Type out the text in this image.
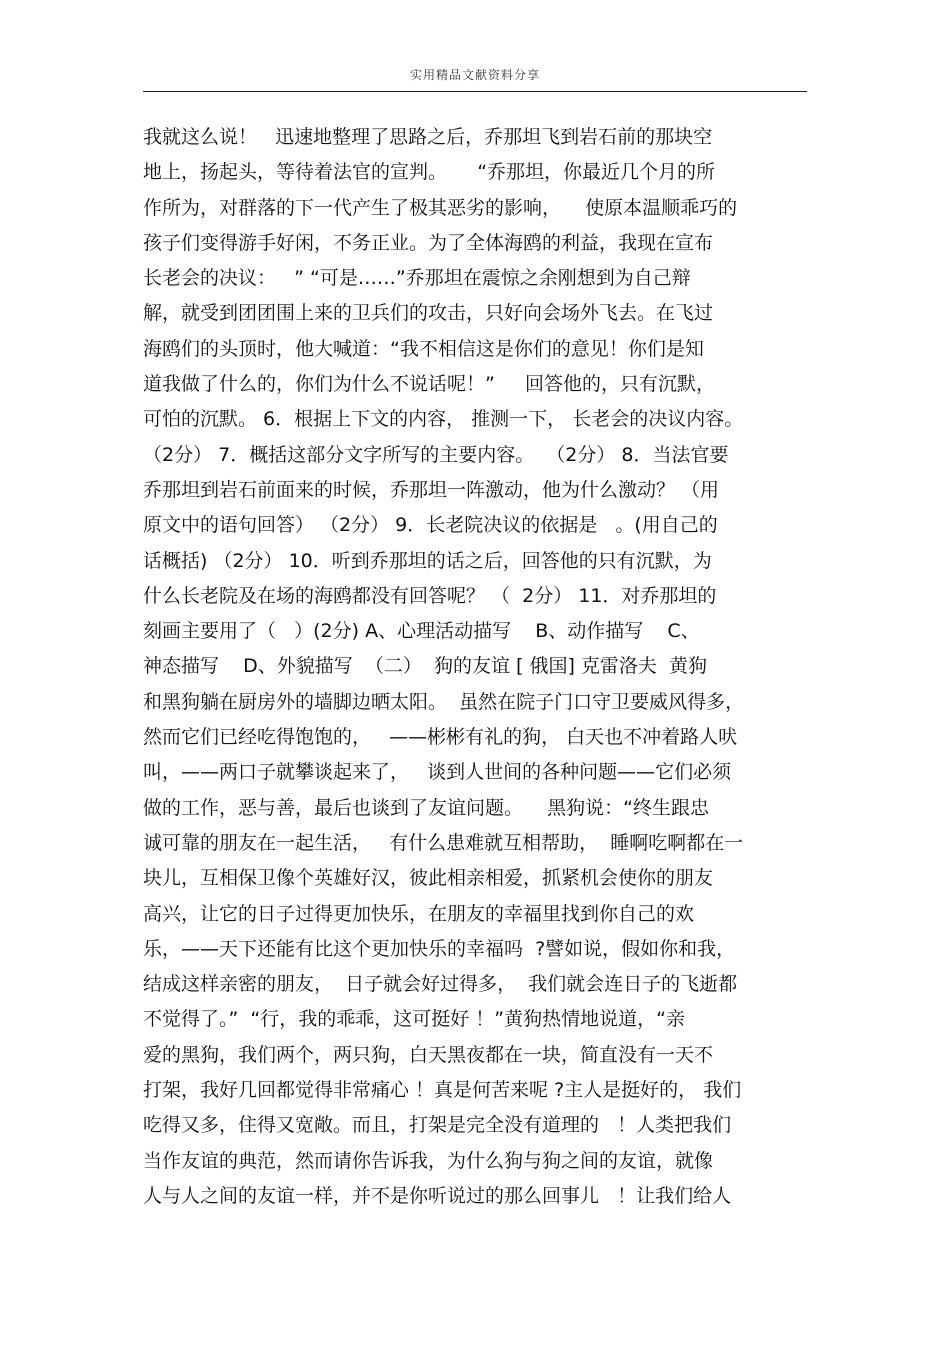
实用精品文献资料分享
我就这么说！   迅速地整理了思路之后，乔那坦飞到岩石前的那块空
地上，扬起头，等待着法官的宣判。     “乔那坦，你最近几个月的所
作所为，对群落的下一代产生了极其恶劣的影响，    使原本温顺乖巧的
孩子们变得游手好闲，不务正业。为了全体海鸥的利益，我现在宣布
长老会的决议：   ” “可是……”乔那坦在震惊之余刚想到为自己辩
解，就受到团团围上来的卫兵们的攻击，只好向会场外飞去。在飞过
海鸥们的头顶时，他大喊道：“我不相信这是你们的意见！你们是知
道我做了什么的，你们为什么不说话呢！”     回答他的，只有沉默，
可怕的沉默。 6．根据上下文的内容， 推测一下， 长老会的决议内容。
（2分） 7．概括这部分文字所写的主要内容。  （2分） 8．当法官要
乔那坦到岩石前面来的时候，乔那坦一阵激动，他为什么激动？ （用
原文中的语句回答） （2分） 9．长老院决议的依据是   。(用自己的
话概括) （2分） 10．听到乔那坦的话之后，回答他的只有沉默，为
什么长老院及在场的海鸥都没有回答呢？ （  2分） 11．对乔那坦的
刻画主要用了（   ）(2分) A、心理活动描写    B、动作描写    C、
神态描写    D、外貌描写  （二）  狗的友谊 [ 俄国] 克雷洛夫  黄狗
和黑狗躺在厨房外的墙脚边晒太阳。  虽然在院子门口守卫要威风得多，
然而它们已经吃得饱饱的，   ——彬彬有礼的狗， 白天也不冲着路人吠
叫，——两口子就攀谈起来了，   谈到人世间的各种问题——它们必须
做的工作，恶与善，最后也谈到了友谊问题。    黑狗说：“终生跟忠
诚可靠的朋友在一起生活，   有什么患难就互相帮助，  睡啊吃啊都在一
块儿，互相保卫像个英雄好汉，彼此相亲相爱，抓紧机会使你的朋友
高兴，让它的日子过得更加快乐，在朋友的幸福里找到你自己的欢
乐，——天下还能有比这个更加快乐的幸福吗  ?譬如说，假如你和我，
结成这样亲密的朋友，  日子就会好过得多，  我们就会连日子的飞逝都
不觉得了。”  “行，我的乖乖，这可挺好 ！”黄狗热情地说道，“亲
爱的黑狗，我们两个，两只狗，白天黑夜都在一块，简直没有一天不
打架，我好几回都觉得非常痛心 ！真是何苦来呢 ?主人是挺好的， 我们
吃得又多，住得又宽敞。而且，打架是完全没有道理的   ！人类把我们
当作友谊的典范，然而请你告诉我，为什么狗与狗之间的友谊，就像
人与人之间的友谊一样，并不是你听说过的那么回事儿   ！让我们给人
